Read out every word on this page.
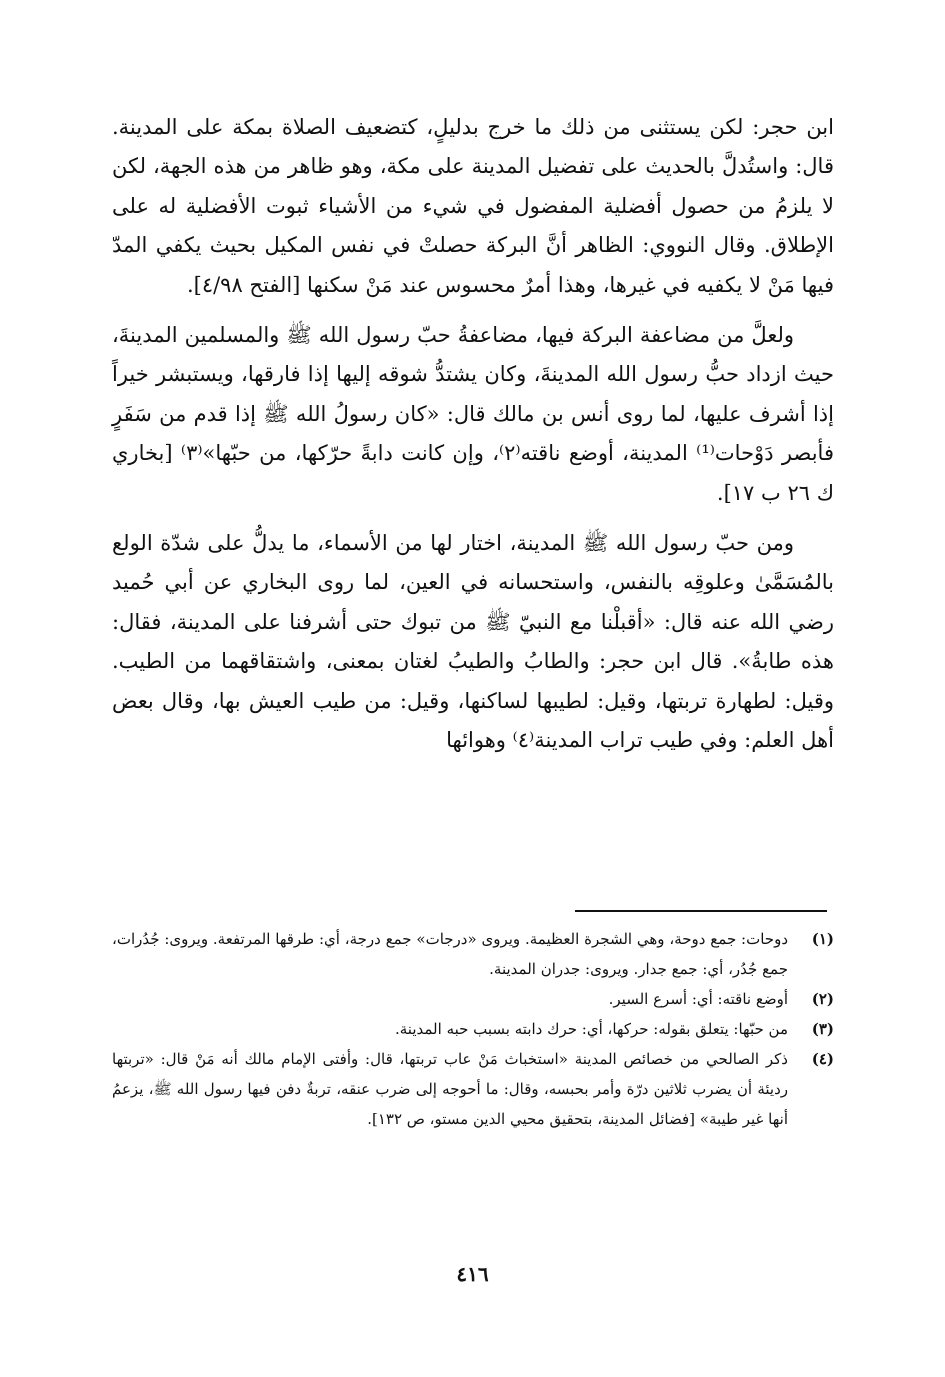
ابن حجر: لكن يستثنى من ذلك ما خرج بدليلٍ، كتضعيف الصلاة بمكة على المدينة. قال: واستُدلَّ بالحديث على تفضيل المدينة على مكة، وهو ظاهر من هذه الجهة، لكن لا يلزمُ من حصول أفضلية المفضول في شيء من الأشياء ثبوت الأفضلية له على الإطلاق. وقال النووي: الظاهر أنَّ البركة حصلتْ في نفس المكيل بحيث يكفي المدّ فيها مَنْ لا يكفيه في غيرها، وهذا أمرٌ محسوس عند مَنْ سكنها [الفتح ٤/٩٨].

ولعلَّ من مضاعفة البركة فيها، مضاعفةُ حبّ رسول الله ﷺ والمسلمين المدينةَ، حيث ازداد حبُّ رسول الله المدينةَ، وكان يشتدُّ شوقه إليها إذا فارقها، ويستبشر خيراً إذا أشرف عليها، لما روى أنس بن مالك قال: «كان رسولُ الله ﷺ إذا قدم من سَفَرٍ فأبصر دَوْحات⁽¹⁾ المدينة، أوضع ناقته⁽٢⁾، وإن كانت دابةً حرّكها، من حبّها»⁽٣⁾ [بخاري ك ٢٦ ب ١٧].

ومن حبّ رسول الله ﷺ المدينة، اختار لها من الأسماء، ما يدلُّ على شدّة الولع بالمُسَمَّىٰ وعلوقِه بالنفس، واستحسانه في العين، لما روى البخاري عن أبي حُميد رضي الله عنه قال: «أقبلْنا مع النبيّ ﷺ من تبوك حتى أشرفنا على المدينة، فقال: هذه طابةُ». قال ابن حجر: والطابُ والطيبُ لغتان بمعنى، واشتقاقهما من الطيب. وقيل: لطهارة تربتها، وقيل: لطيبها لساكنها، وقيل: من طيب العيش بها، وقال بعض أهل العلم: وفي طيب تراب المدينة⁽٤⁾ وهوائها

(١)
دوحات: جمع دوحة، وهي الشجرة العظيمة. ويروى «درجات» جمع درجة، أي: طرقها المرتفعة. ويروى: جُدُرات، جمع جُدُر، أي: جمع جدار. ويروى: جدران المدينة.
(٢)
أوضع ناقته: أي: أسرع السير.
(٣)
من حبّها: يتعلق بقوله: حركها، أي: حرك دابته بسبب حبه المدينة.
(٤)
ذكر الصالحي من خصائص المدينة «استخباث مَنْ عاب تربتها، قال: وأفتى الإمام مالك أنه مَنْ قال: «تربتها رديئة أن يضرب ثلاثين درّة وأمر بحبسه، وقال: ما أحوجه إلى ضرب عنقه، تربةٌ دفن فيها رسول الله ﷺ، يزعمُ أنها غير طيبة» [فضائل المدينة، بتحقيق محيي الدين مستو، ص ١٣٢].
٤١٦
